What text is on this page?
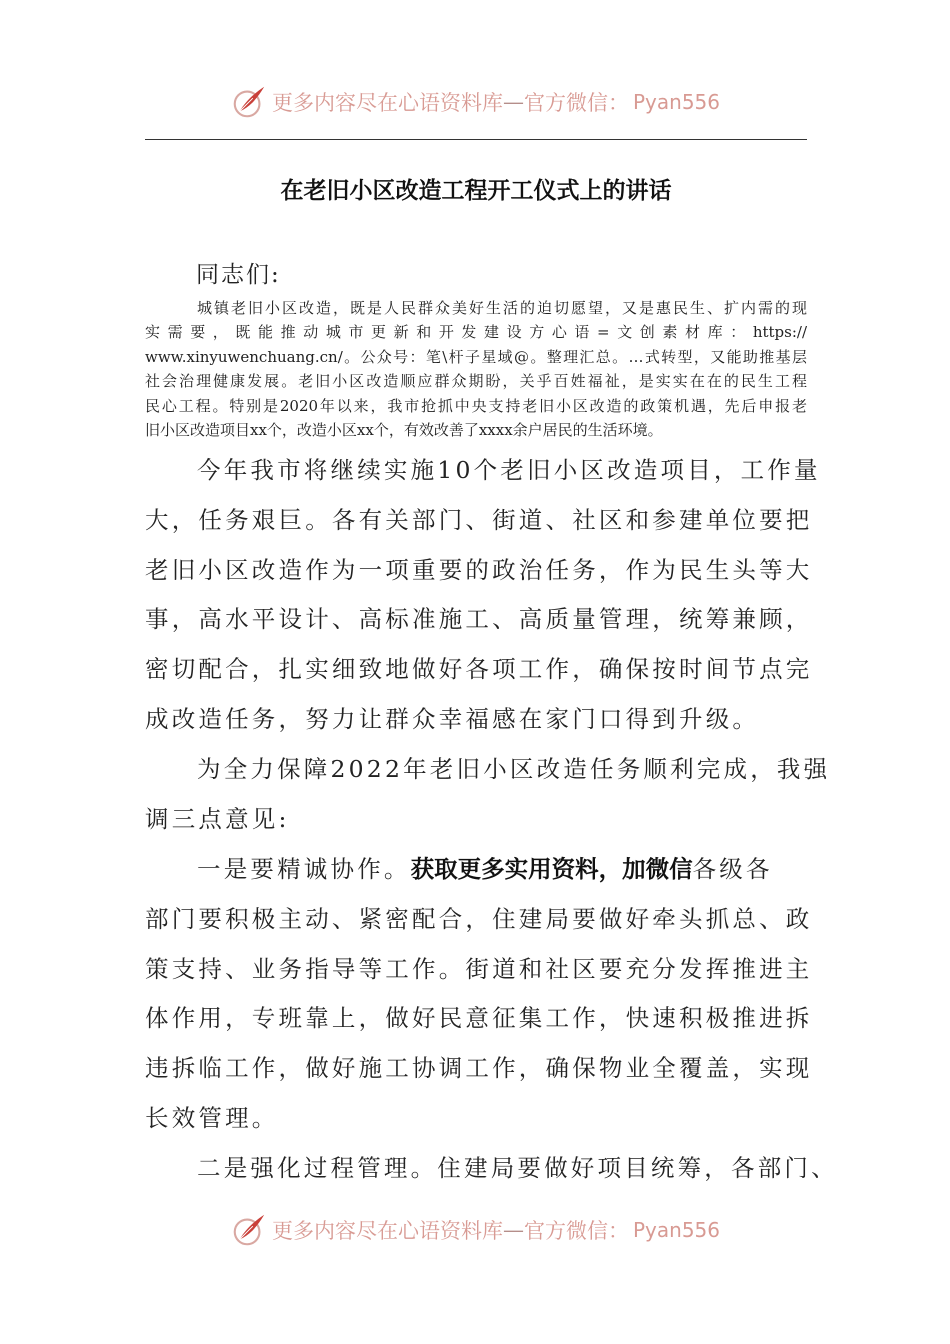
更多内容尽在心语资料库 — 官方微信： Pyan556
在老旧小区改造工程开工仪式上的讲话
同志们:

城镇老旧小区改造，既是人民群众美好生活的迫切愿望，又是惠民生、扩内需的现

实需要，既能推动城市更新和开发建设方心语=文创素材库：https://

www.xinyuwenchuang.cn/。公众号：笔\杆子星域@。整理汇总。…式转型，又能助推基层

社会治理健康发展。老旧小区改造顺应群众期盼，关乎百姓福祉，是实实在在的民生工程

民心工程。特别是2020年以来，我市抢抓中央支持老旧小区改造的政策机遇，先后申报老

旧小区改造项目xx个，改造小区xx个，有效改善了xxxx余户居民的生活环境。

今年我市将继续实施10个老旧小区改造项目，工作量
大，任务艰巨。各有关部门、街道、社区和参建单位要把
老旧小区改造作为一项重要的政治任务，作为民生头等大
事，高水平设计、高标准施工、高质量管理，统筹兼顾，
密切配合，扎实细致地做好各项工作，确保按时间节点完
成改造任务，努力让群众幸福感在家门口得到升级。
为全力保障2022年老旧小区改造任务顺利完成，我强
调三点意见:
一是要精诚协作。获取更多实用资料，加微信各级各
部门要积极主动、紧密配合，住建局要做好牵头抓总、政
策支持、业务指导等工作。街道和社区要充分发挥推进主
体作用，专班靠上，做好民意征集工作，快速积极推进拆
违拆临工作，做好施工协调工作，确保物业全覆盖，实现
长效管理。
二是强化过程管理。住建局要做好项目统筹，各部门、
更多内容尽在心语资料库 — 官方微信： Pyan556
